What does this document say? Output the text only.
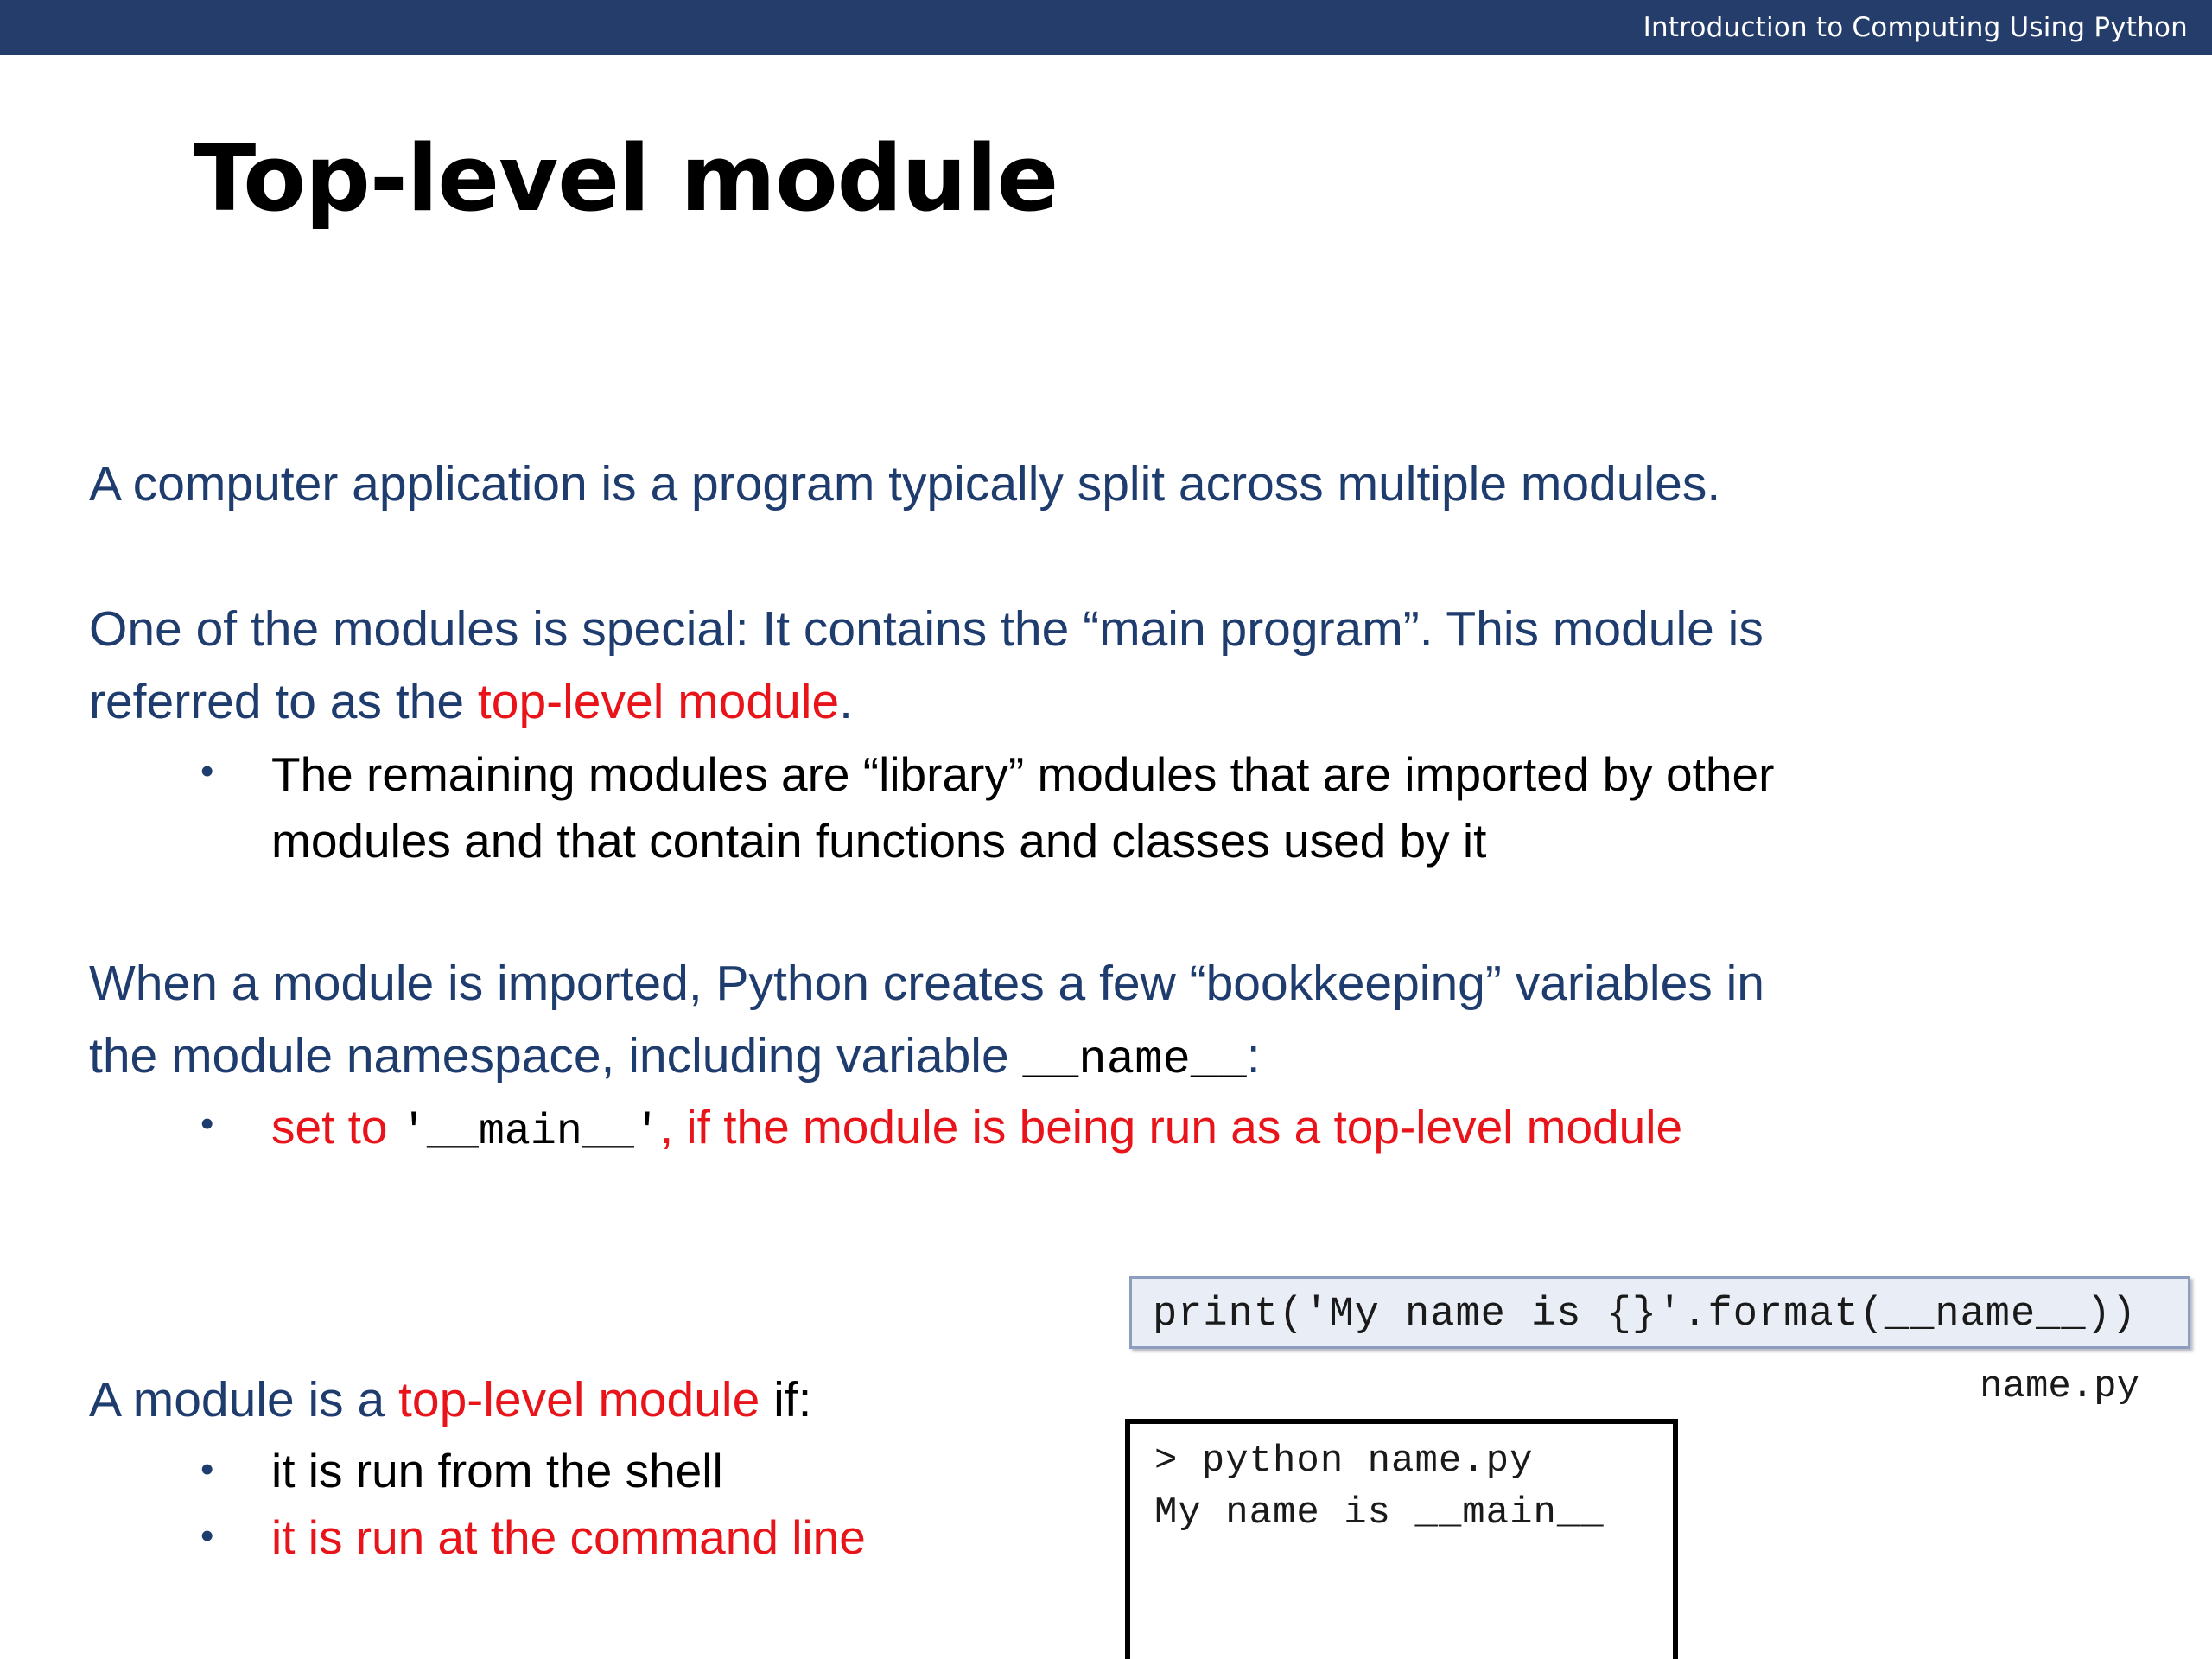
Introduction to Computing Using Python
Top-level module
A computer application is a program typically split across multiple modules.
One of the modules is special: It contains the “main program”. This module is
referred to as the top-level module.
• The remaining modules are “library” modules that are imported by other
modules and that contain functions and classes used by it
When a module is imported, Python creates a few “bookkeeping” variables in
the module namespace, including variable __name__:
• set to '__main__', if the module is being run as a top-level module
A module is a top-level module if:
• it is run from the shell
• it is run at the command line
print('My name is {}'.format(__name__))
name.py
> python name.py
My name is __main__
